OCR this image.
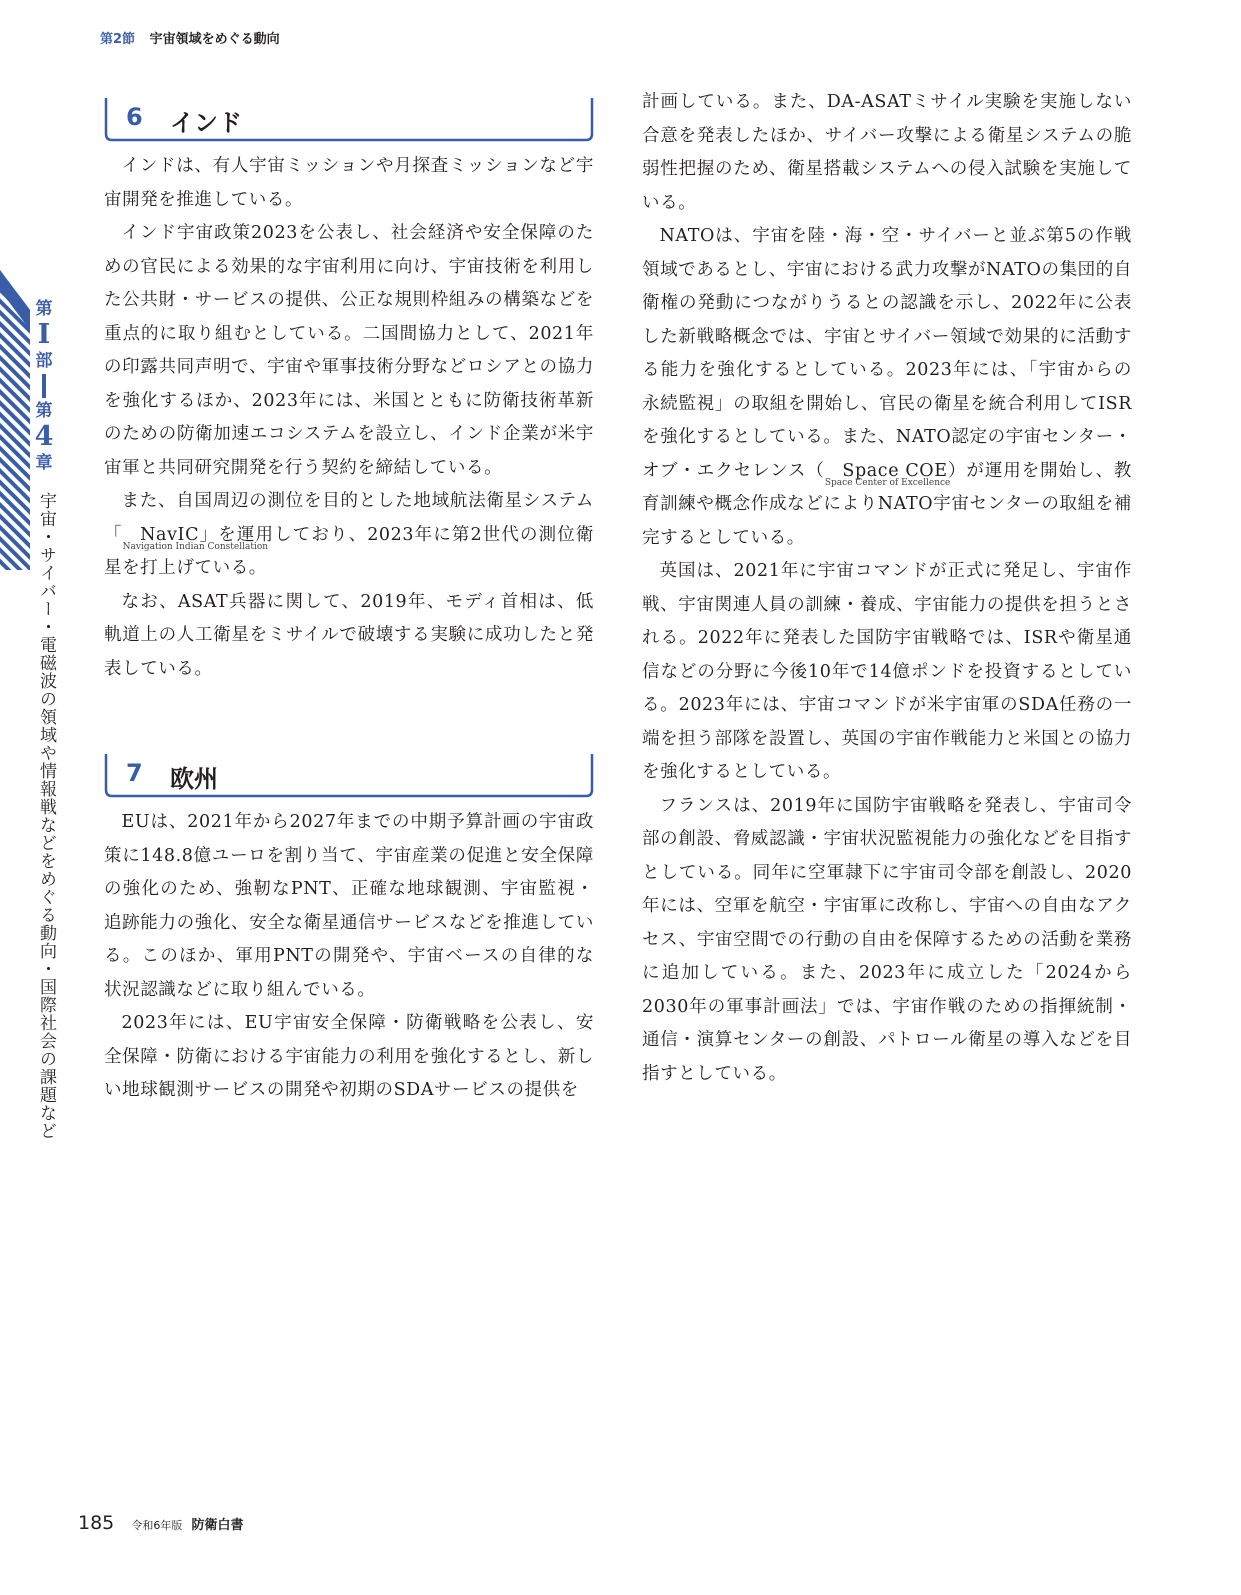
第2節 宇宙領域をめぐる動向
第
I
部
第
4
章
宇宙・サイバー・電磁波の領域や情報戦などをめぐる動向・国際社会の課題など
6 インド

インドは、有人宇宙ミッションや月探査ミッションなど宇宙開発を推進している。

インド宇宙政策2023を公表し、社会経済や安全保障のための官民による効果的な宇宙利用に向け、宇宙技術を利用した公共財・サービスの提供、公正な規則枠組みの構築などを重点的に取り組むとしている。二国間協力として、2021年の印露共同声明で、宇宙や軍事技術分野などロシアとの協力を強化するほか、2023年には、米国とともに防衛技術革新のための防衛加速エコシステムを設立し、インド企業が米宇宙軍と共同研究開発を行う契約を締結している。

また、自国周辺の測位を目的とした地域航法衛星システム「 NavIC
Navigation Indian Constellation
」を運用しており、2023年に第2世代の測位衛星を打上げている。

なお、ASAT兵器に関して、2019年、モディ首相は、低軌道上の人工衛星をミサイルで破壊する実験に成功したと発表している。

7 欧州

EUは、2021年から2027年までの中期予算計画の宇宙政策に148.8億ユーロを割り当て、宇宙産業の促進と安全保障の強化のため、強靭なPNT、正確な地球観測、宇宙監視・追跡能力の強化、安全な衛星通信サービスなどを推進している。このほか、軍用PNTの開発や、宇宙ベースの自律的な状況認識などに取り組んでいる。

2023年には、EU宇宙安全保障・防衛戦略を公表し、安全保障・防衛における宇宙能力の利用を強化するとし、新しい地球観測サービスの開発や初期のSDAサービスの提供を

計画している。また、DA-ASATミサイル実験を実施しない合意を発表したほか、サイバー攻撃による衛星システムの脆弱性把握のため、衛星搭載システムへの侵入試験を実施している。

NATOは、宇宙を陸・海・空・サイバーと並ぶ第5の作戦領域であるとし、宇宙における武力攻撃がNATOの集団的自衛権の発動につながりうるとの認識を示し、2022年に公表した新戦略概念では、宇宙とサイバー領域で効果的に活動する能力を強化するとしている。2023年には、「宇宙からの永続監視」の取組を開始し、官民の衛星を統合利用してISRを強化するとしている。また、NATO認定の宇宙センター・オブ・エクセレンス（ Space COE
Space Center of Excellence
）が運用を開始し、教育訓練や概念作成などによりNATO宇宙センターの取組を補完するとしている。

英国は、2021年に宇宙コマンドが正式に発足し、宇宙作戦、宇宙関連人員の訓練・養成、宇宙能力の提供を担うとされる。2022年に発表した国防宇宙戦略では、ISRや衛星通信などの分野に今後10年で14億ポンドを投資するとしている。2023年には、宇宙コマンドが米宇宙軍のSDA任務の一端を担う部隊を設置し、英国の宇宙作戦能力と米国との協力を強化するとしている。

フランスは、2019年に国防宇宙戦略を発表し、宇宙司令部の創設、脅威認識・宇宙状況監視能力の強化などを目指すとしている。同年に空軍隷下に宇宙司令部を創設し、2020年には、空軍を航空・宇宙軍に改称し、宇宙への自由なアクセス、宇宙空間での行動の自由を保障するための活動を業務に追加している。また、2023年に成立した「2024から2030年の軍事計画法」では、宇宙作戦のための指揮統制・通信・演算センターの創設、パトロール衛星の導入などを目指すとしている。

185 令和6年版 防衛白書
